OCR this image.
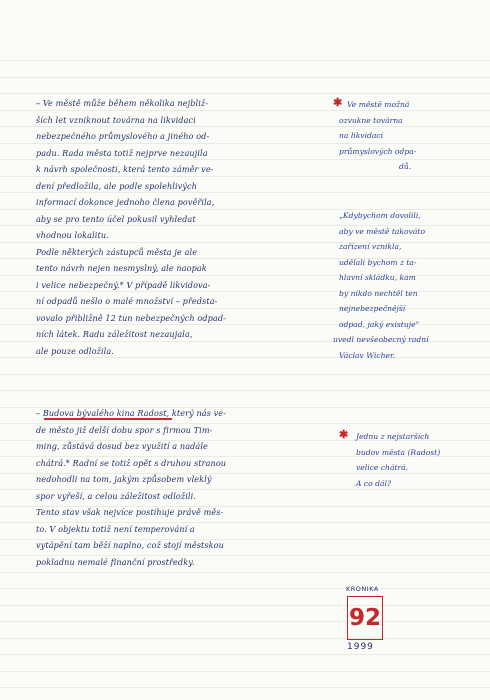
– Ve městě může během několika nejbliž-
ších let vzniknout továrna na likvidaci
nebezpečného průmyslového a jiného od-
padu. Rada města totiž nejprve nezaujila
k návrh společnosti, která tento záměr ve-
dení předložila, ale podle spolehlivých
informací dokonce jednoho člena pověřila,
aby se pro tento účel pokusil vyhledat
vhodnou lokalitu.
Podle některých zástupců města je ale
tento návrh nejen nesmyslný, ale naopak
i velice nebezpečný.* V případě likvidova-
ní odpadů nešlo o malé množství – předsta-
vovalo přibližně 12 tun nebezpečných odpad-
ních látek. Radu záležitost nezaujala,
ale pouze odložila.
– Budova bývalého kina Radost, který nás ve-
de město již delší dobu spor s firmou Tim-
ming, zůstává dosud bez využití a nadále
chátrá.* Radní se totiž opět s druhou stranou
nedohodli na tom, jakým způsobem vleklý
spor vyřeší, a celou záležitost odložili.
Tento stav však nejvíce postihuje právě měs-
to. V objektu totiž není temperování a
vytápění tam běží naplno, což stojí městskou
pokladnu nemalé finanční prostředky.
✱ Ve městě možná
ozvukne továrna
na likvidaci
průmyslových odpa-
dů.
„Kdybychom dovolili,
aby ve městě takováto
zařízení vznikla,
udělali bychom z ta-
hlavní skládku, kam
by nikdo nechtěl ten
nejnebezpečnější
odpad, jaký existuje"
uvedl nevšeobecný radní
Václav Wicher.
✱ Jednu z nejstarších
budov města (Radost)
velice chátrá.
A co dál?
KRONIKA
92
1999
